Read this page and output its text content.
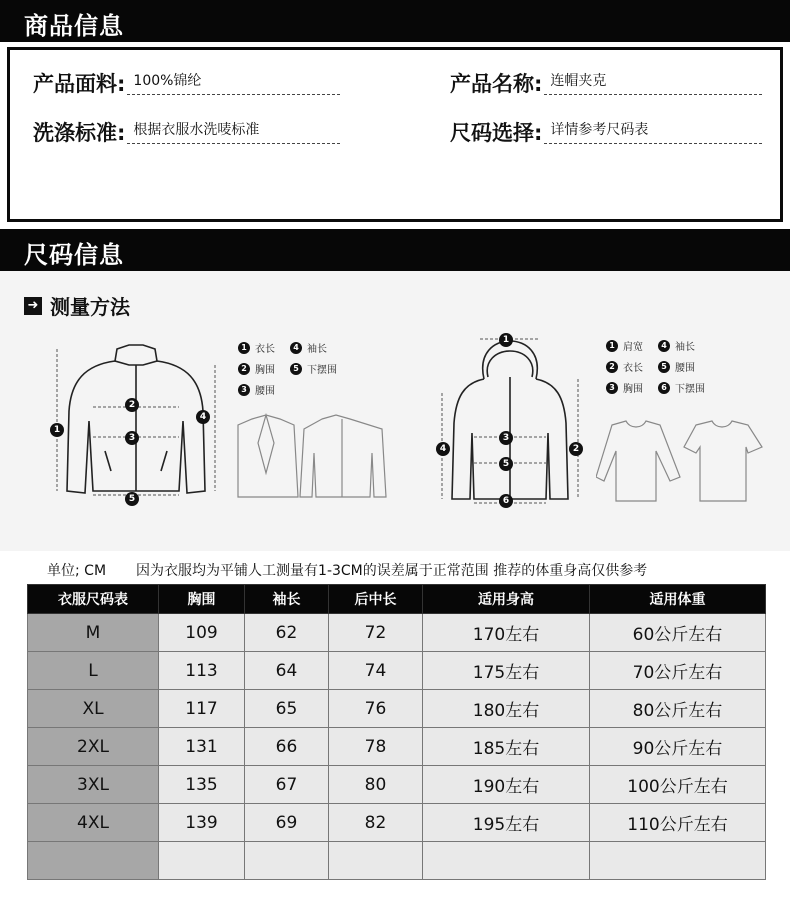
商品信息
产品面料: 100%锦纶	产品名称: 连帽夹克
洗涤标准: 根据衣服水洗唛标准	尺码选择: 详情参考尺码表
尺码信息
➜ 测量方法
1
2
3
4
5
1 衣长	4 袖长
2 胸围	5 下摆围
3 腰围
1
2
3
4
5
6
1 肩宽	4 袖长
2 衣长	5 腰围
3 胸围	6 下摆围
单位; CM 因为衣服均为平铺人工测量有1-3CM的误差属于正常范围 推荐的体重身高仅供参考
衣服尺码表	胸围	袖长	后中长	适用身高	适用体重
M	109	62	72	170左右	60公斤左右
L	113	64	74	175左右	70公斤左右
XL	117	65	76	180左右	80公斤左右
2XL	131	66	78	185左右	90公斤左右
3XL	135	67	80	190左右	100公斤左右
4XL	139	69	82	195左右	110公斤左右
